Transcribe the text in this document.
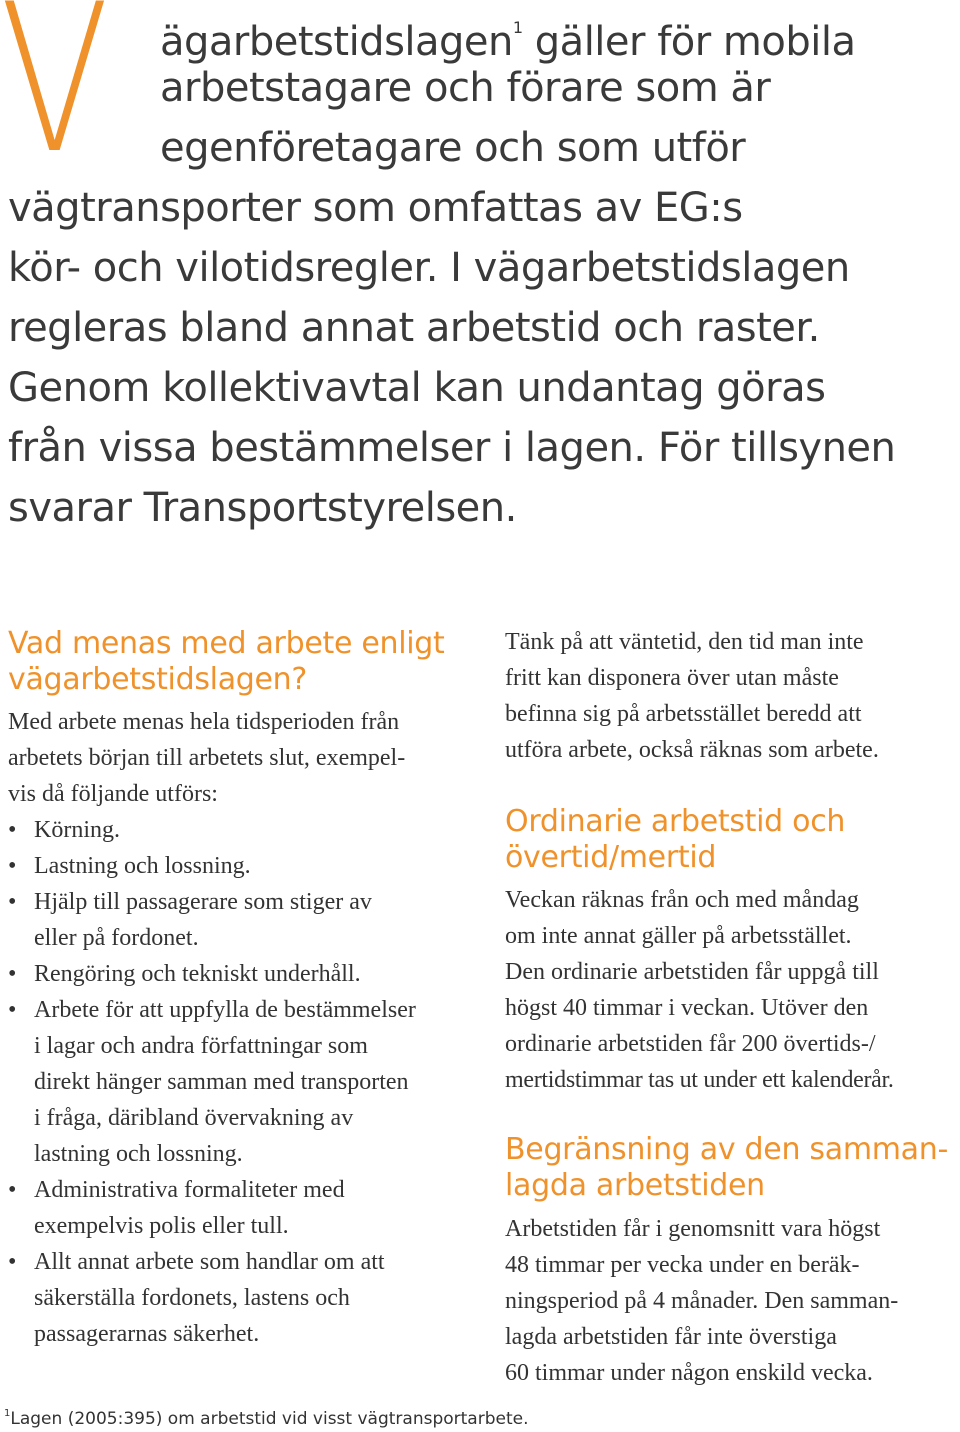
V ägarbetstidslagen$^1$ gäller för mobila
arbetstagare och förare som är
egenföretagare och som utför
vägtransporter som omfattas av EG:s
kör- och vilotidsregler. I vägarbetstidslagen
regleras bland annat arbetstid och raster.
Genom kollektivavtal kan undantag göras
från vissa bestämmelser i lagen. För tillsynen
svarar Transportstyrelsen.
Vad menas med arbete enligt
vägarbetstidslagen?
Med arbete menas hela tidsperioden från
arbetets början till arbetets slut, exempel-
vis då följande utförs:
• Körning.
• Lastning och lossning.
• Hjälp till passagerare som stiger av
eller på fordonet.
• Rengöring och tekniskt underhåll.
• Arbete för att uppfylla de bestämmelser
i lagar och andra författningar som
direkt hänger samman med transporten
i fråga, däribland övervakning av
lastning och lossning.
• Administrativa formaliteter med
exempelvis polis eller tull.
• Allt annat arbete som handlar om att
säkerställa fordonets, lastens och
passagerarnas säkerhet.
Tänk på att väntetid, den tid man inte
fritt kan disponera över utan måste
befinna sig på arbetsstället beredd att
utföra arbete, också räknas som arbete.
Ordinarie arbetstid och
övertid/mertid
Veckan räknas från och med måndag
om inte annat gäller på arbetsstället.
Den ordinarie arbetstiden får uppgå till
högst 40 timmar i veckan. Utöver den
ordinarie arbetstiden får 200 övertids-/
mertidstimmar tas ut under ett kalenderår.
Begränsning av den samman-
lagda arbetstiden
Arbetstiden får i genomsnitt vara högst
48 timmar per vecka under en beräk-
ningsperiod på 4 månader. Den samman-
lagda arbetstiden får inte överstiga
60 timmar under någon enskild vecka.
$^1$Lagen (2005:395) om arbetstid vid visst vägtransportarbete.
